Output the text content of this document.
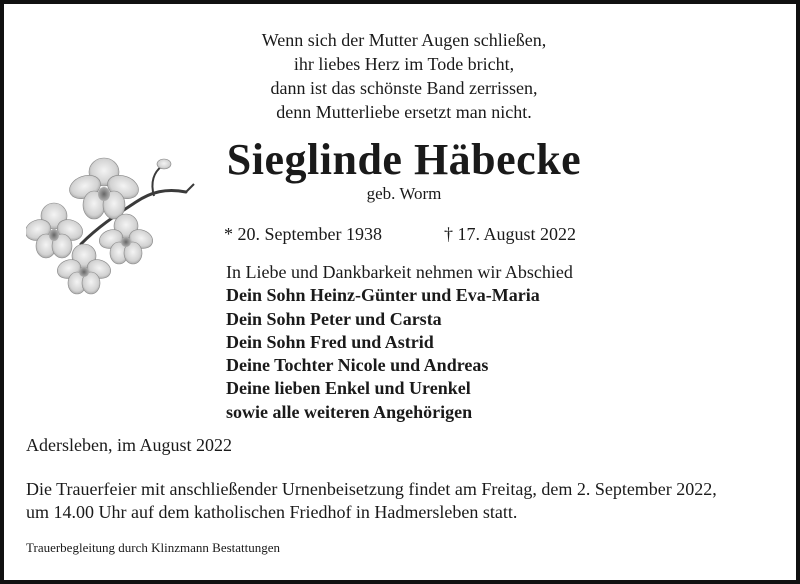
Wenn sich der Mutter Augen schließen,
ihr liebes Herz im Tode bricht,
dann ist das schönste Band zerrissen,
denn Mutterliebe ersetzt man nicht.
Sieglinde Häbecke
geb. Worm
* 20. September 1938	† 17. August 2022
In Liebe und Dankbarkeit nehmen wir Abschied
Dein Sohn Heinz-Günter und Eva-Maria
Dein Sohn Peter und Carsta
Dein Sohn Fred und Astrid
Deine Tochter Nicole und Andreas
Deine lieben Enkel und Urenkel
sowie alle weiteren Angehörigen
Adersleben, im August 2022
Die Trauerfeier mit anschließender Urnenbeisetzung findet am Freitag, dem 2. September 2022,
um 14.00 Uhr auf dem katholischen Friedhof in Hadmersleben statt.
Trauerbegleitung durch Klinzmann Bestattungen
